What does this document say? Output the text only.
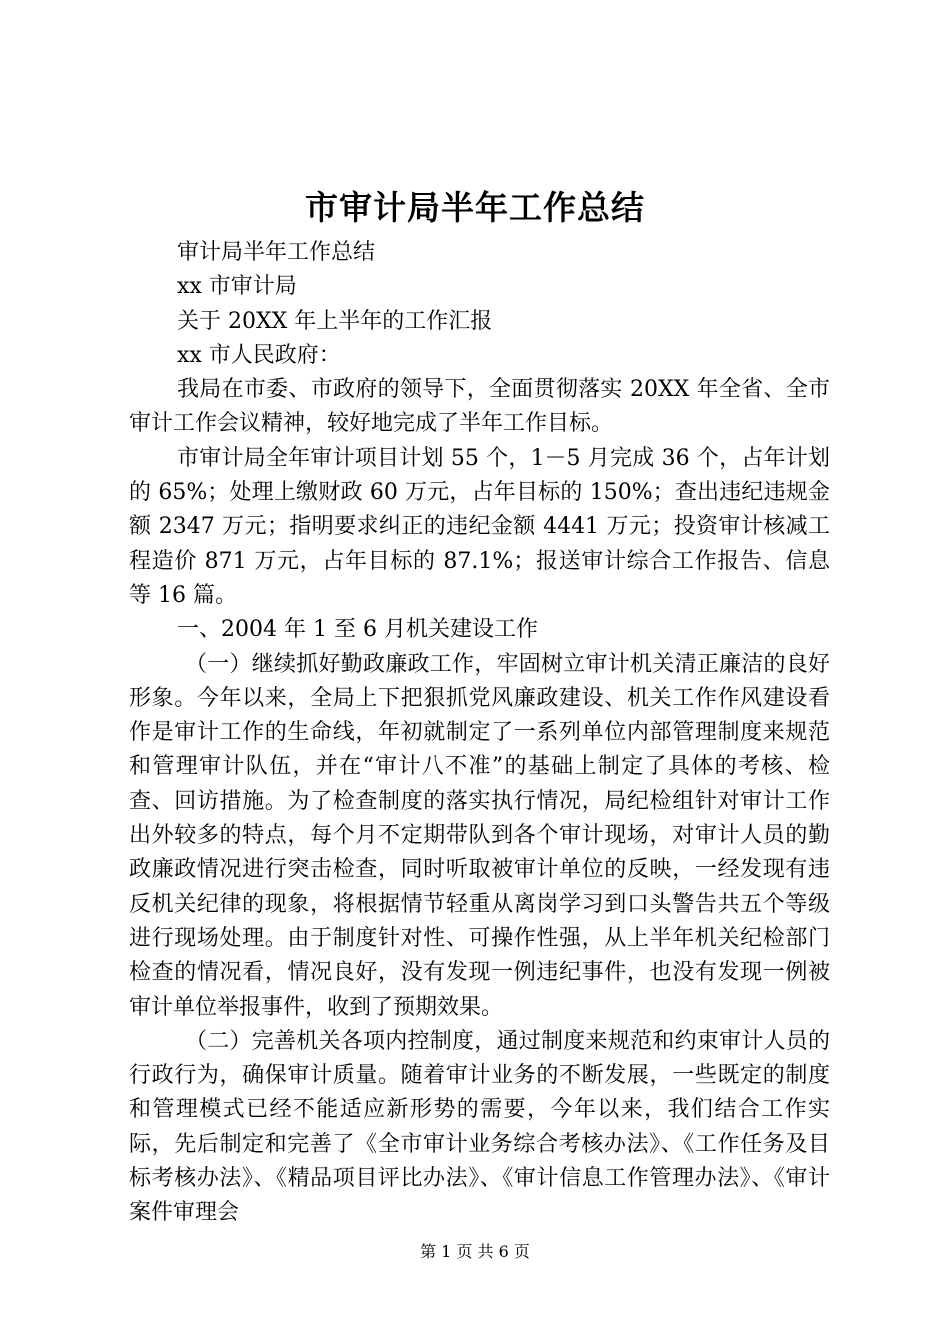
市审计局半年工作总结
审计局半年工作总结
xx 市审计局
关于 20XX 年上半年的工作汇报
xx 市人民政府：

我局在市委、市政府的领导下，全面贯彻落实 20XX 年全省、全市审计工作会议精神，较好地完成了半年工作目标。

市审计局全年审计项目计划 55 个，1－5 月完成 36 个，占年计划的 65%；处理上缴财政 60 万元，占年目标的 150%；查出违纪违规金额 2347 万元；指明要求纠正的违纪金额 4441 万元；投资审计核减工程造价 871 万元，占年目标的 87.1%；报送审计综合工作报告、信息等 16 篇。

一、2004 年 1 至 6 月机关建设工作

（一）继续抓好勤政廉政工作，牢固树立审计机关清正廉洁的良好形象。今年以来，全局上下把狠抓党风廉政建设、机关工作作风建设看作是审计工作的生命线，年初就制定了一系列单位内部管理制度来规范和管理审计队伍，并在“审计八不准”的基础上制定了具体的考核、检查、回访措施。为了检查制度的落实执行情况，局纪检组针对审计工作出外较多的特点，每个月不定期带队到各个审计现场，对审计人员的勤政廉政情况进行突击检查，同时听取被审计单位的反映，一经发现有违反机关纪律的现象，将根据情节轻重从离岗学习到口头警告共五个等级进行现场处理。由于制度针对性、可操作性强，从上半年机关纪检部门检查的情况看，情况良好，没有发现一例违纪事件，也没有发现一例被审计单位举报事件，收到了预期效果。

（二）完善机关各项内控制度，通过制度来规范和约束审计人员的行政行为，确保审计质量。随着审计业务的不断发展，一些既定的制度和管理模式已经不能适应新形势的需要，今年以来，我们结合工作实际，先后制定和完善了《全市审计业务综合考核办法》、《工作任务及目标考核办法》、《精品项目评比办法》、《审计信息工作管理办法》、《审计案件审理会

第 1 页 共 6 页
